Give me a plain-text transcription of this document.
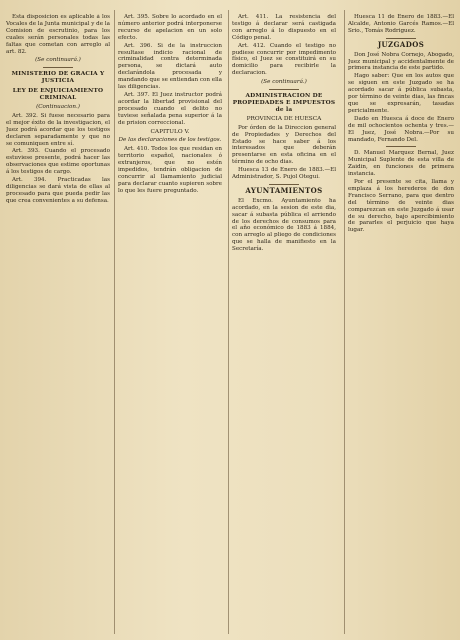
Esta disposicion es aplicable á los Vocales de la Junta municipal y de la Comision de escrutinio, para los cuales serán personales todas las faltas que cometan con arreglo al art. 82.

(Se continuará.)

MINISTERIO DE GRACIA Y JUSTICIA

LEY DE ENJUICIAMIENTO CRIMINAL

(Continuacion.)

Art. 392. Si fuese necesario para el mejor éxito de la investigacion, el Juez podrá acordar que los testigos declaren separadamente y que no se comuniquen entre sí.

Art. 393. Cuando el procesado estuviese presente, podrá hacer las observaciones que estime oportunas á los testigos de cargo.

Art. 394. Practicadas las diligencias se dará vista de ellas al procesado para que pueda pedir las que crea convenientes a su defensa.

Art. 395. Sobre lo acordado en el número anterior podrá interponerse recurso de apelacion en un solo efecto.

Art. 396. Si de la instruccion resultase indicio racional de criminalidad contra determinada persona, se dictará auto declarándola procesada y mandando que se entiendan con ella las diligencias.

Art. 397. El Juez instructor podrá acordar la libertad provisional del procesado cuando el delito no tuviese señalada pena superior á la de prision correccional.

CAPITULO V.

De las declaraciones de los testigos.

Art. 410. Todos los que residan en territorio español, nacionales ó extranjeros, que no estén impedidos, tendrán obligacion de concurrir al llamamiento judicial para declarar cuanto supieren sobre lo que les fuere preguntado.

Art. 411. La resistencia del testigo á declarar será castigada con arreglo á lo dispuesto en el Código penal.

Art. 412. Cuando el testigo no pudiese concurrir por impedimento físico, el Juez se constituirá en su domicilio para recibirle la declaracion.

(Se continuará.)

ADMINISTRACION DE PROPIEDADES E IMPUESTOS de la

PROVINCIA DE HUESCA

Por órden de la Direccion general de Propiedades y Derechos del Estado se hace saber á los interesados que deberán presentarse en esta oficina en el término de ocho dias.

Huesca 13 de Enero de 1883.—El Administrador, S. Pujol Otegui.

AYUNTAMIENTOS

El Excmo. Ayuntamiento ha acordado, en la sesion de este dia, sacar á subasta pública el arriendo de los derechos de consumos para el año económico de 1883 á 1884, con arreglo al pliego de condiciones que se halla de manifiesto en la Secretaría.

Huesca 11 de Enero de 1883.—El Alcalde, Antonio Garcés Ramos.—El Srio., Tomás Rodriguez.

JUZGADOS

Don José Nobra Cornejo, Abogado, Juez municipal y accidentalmente de primera instancia de este partido.

Hago saber: Que en los autos que se siguen en este Juzgado se ha acordado sacar á pública subasta, por término de veinte dias, las fincas que se expresarán, tasadas pericialmente.

Dado en Huesca á doce de Enero de mil ochocientos ochenta y tres.—El Juez, José Nobra.—Por su mandado, Fernando Del.

D. Manuel Marquez Bernal, Juez Municipal Suplente de esta villa de Zaidin, en funciones de primera instancia.

Por el presente se cita, llama y emplaza á los herederos de don Francisco Serrano, para que dentro del término de veinte dias comparezcan en este Juzgado á usar de su derecho, bajo apercibimiento de pararles el perjuicio que haya lugar.
